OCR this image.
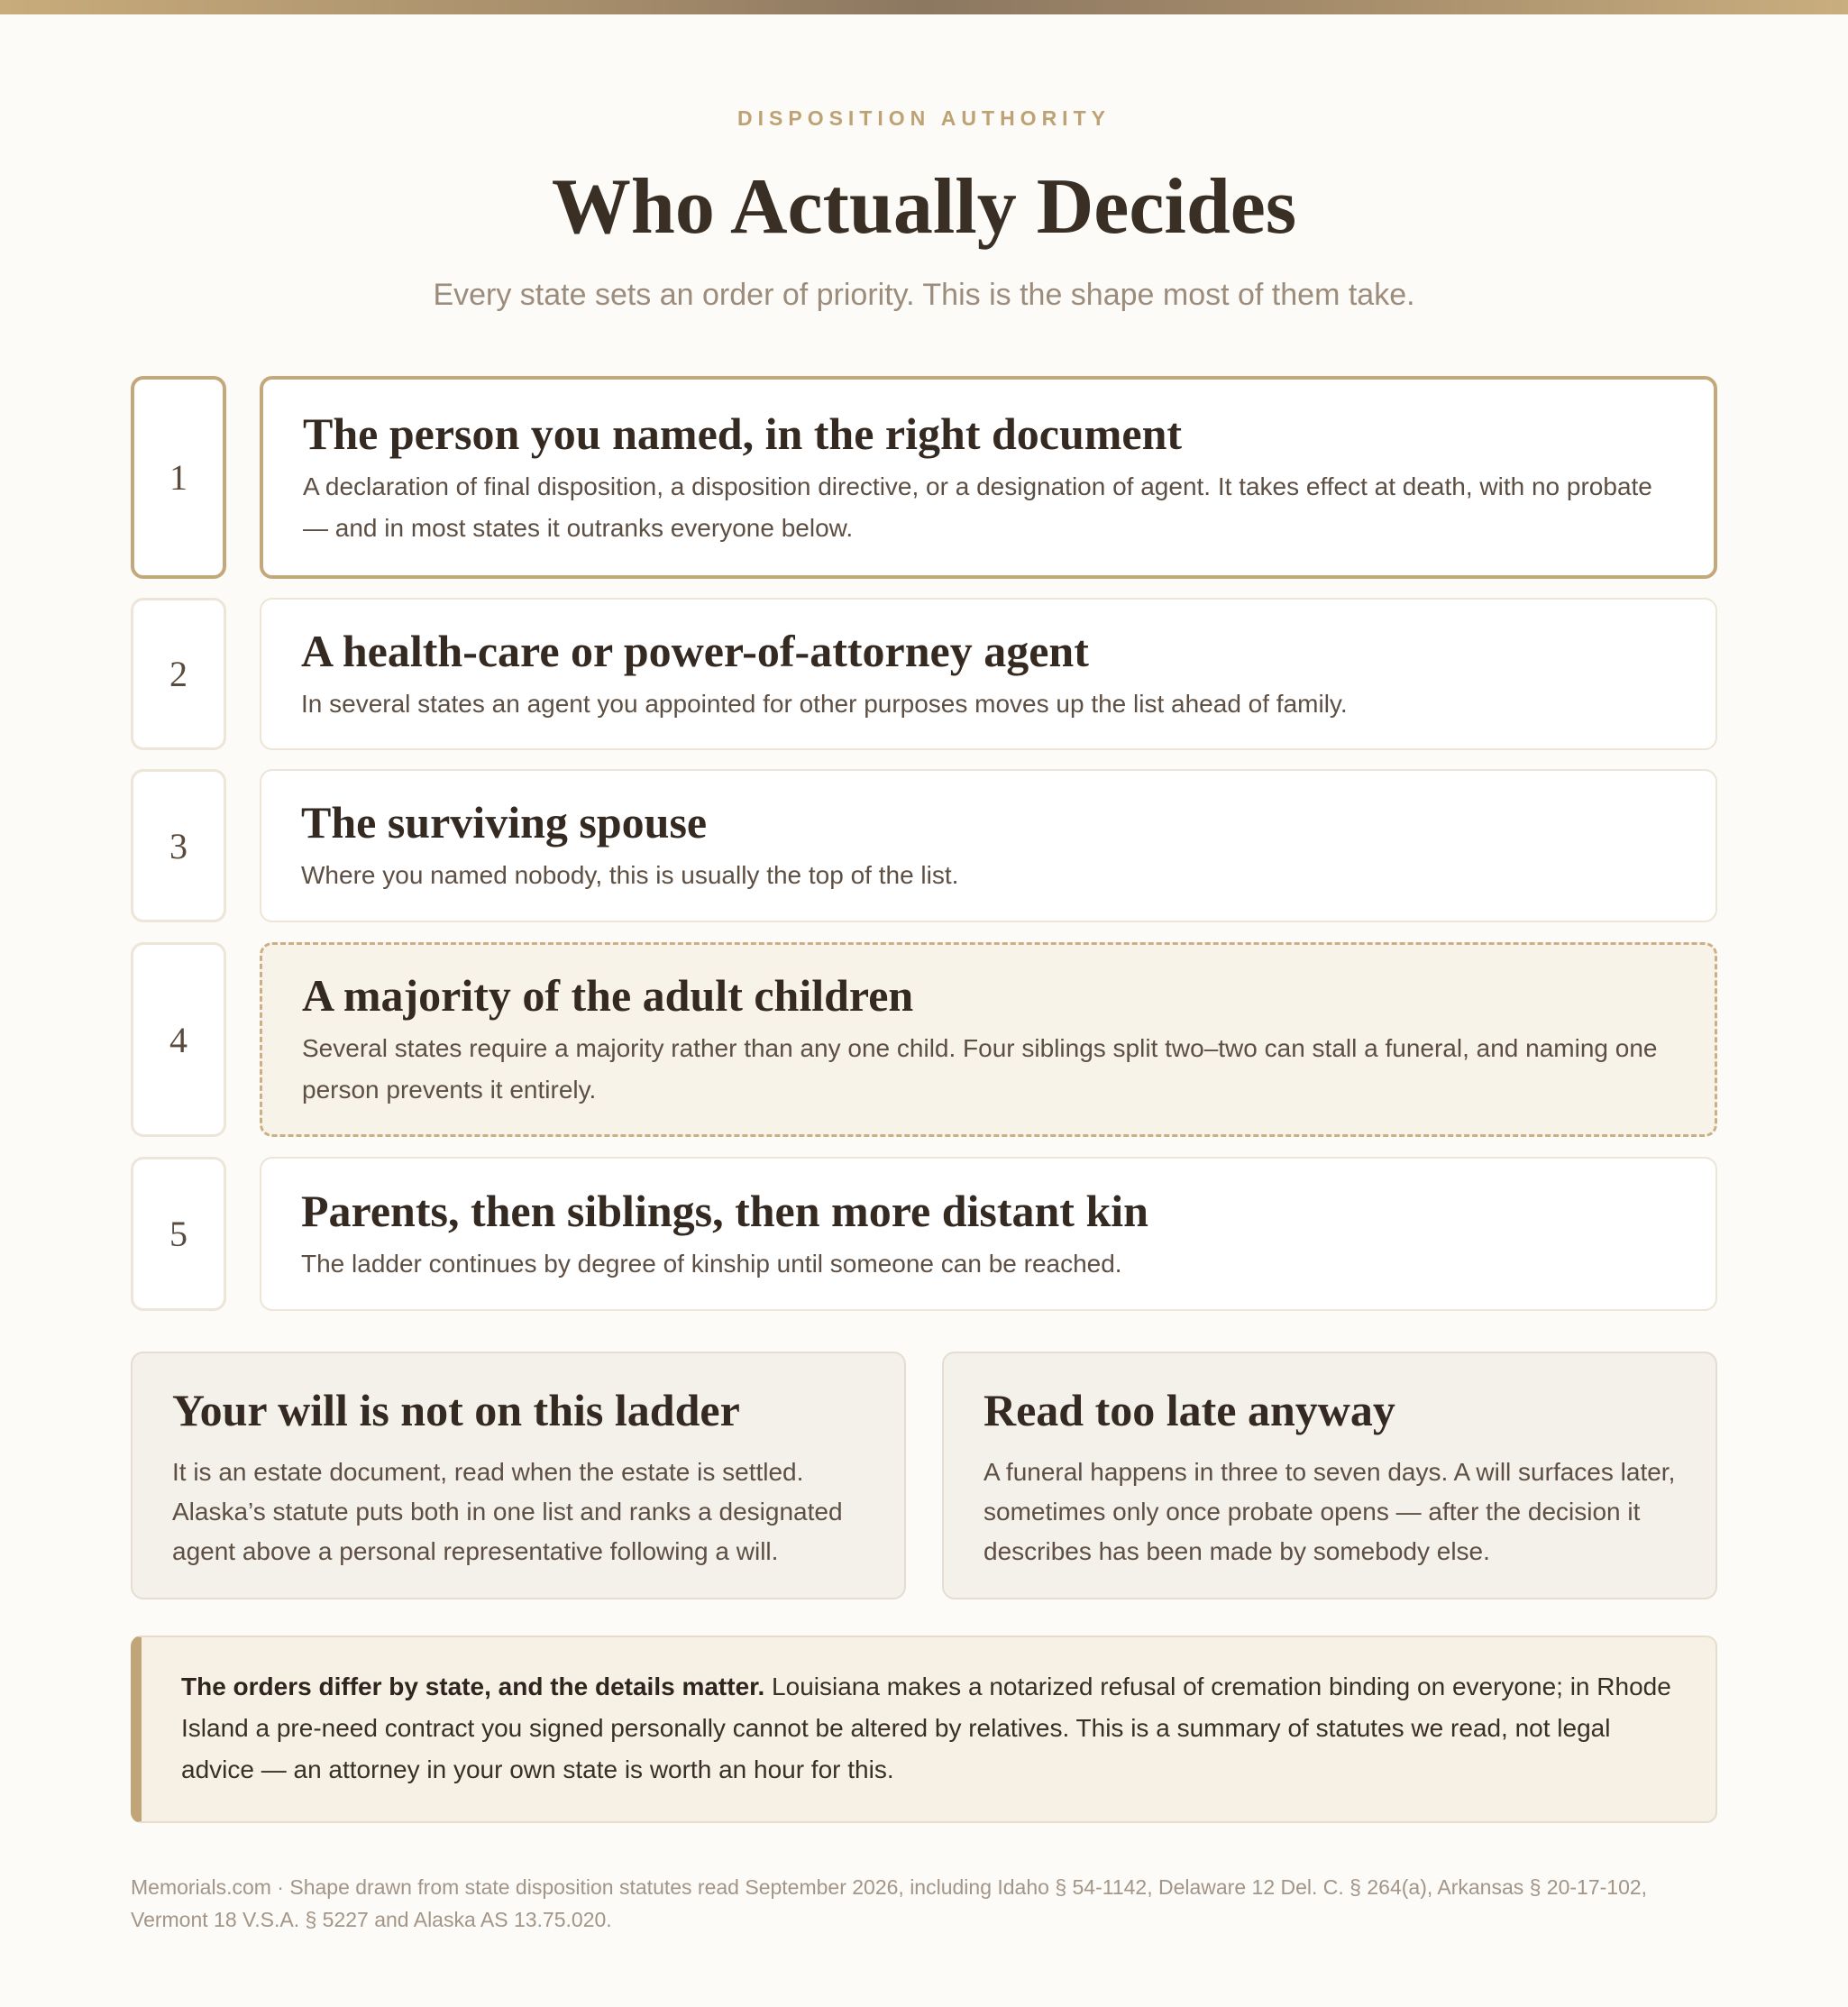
DISPOSITION AUTHORITY
Who Actually Decides
Every state sets an order of priority. This is the shape most of them take.
1
The person you named, in the right document
A declaration of final disposition, a disposition directive, or a designation of agent. It takes effect at death, with no probate — and in most states it outranks everyone below.
2	A health-care or power-of-attorney agent
In several states an agent you appointed for other purposes moves up the list ahead of family.
3	The surviving spouse
Where you named nobody, this is usually the top of the list.
4
A majority of the adult children
Several states require a majority rather than any one child. Four siblings split two–two can stall a funeral, and naming one person prevents it entirely.
5	Parents, then siblings, then more distant kin
The ladder continues by degree of kinship until someone can be reached.
Your will is not on this ladder
It is an estate document, read when the estate is settled. Alaska’s statute puts both in one list and ranks a designated agent above a personal representative following a will.
Read too late anyway
A funeral happens in three to seven days. A will surfaces later, sometimes only once probate opens — after the decision it describes has been made by somebody else.
The orders differ by state, and the details matter. Louisiana makes a notarized refusal of cremation binding on everyone; in Rhode Island a pre-need contract you signed personally cannot be altered by relatives. This is a summary of statutes we read, not legal advice — an attorney in your own state is worth an hour for this.
Memorials.com · Shape drawn from state disposition statutes read September 2026, including Idaho § 54-1142, Delaware 12 Del. C. § 264(a), Arkansas § 20-17-102, Vermont 18 V.S.A. § 5227 and Alaska AS 13.75.020.
